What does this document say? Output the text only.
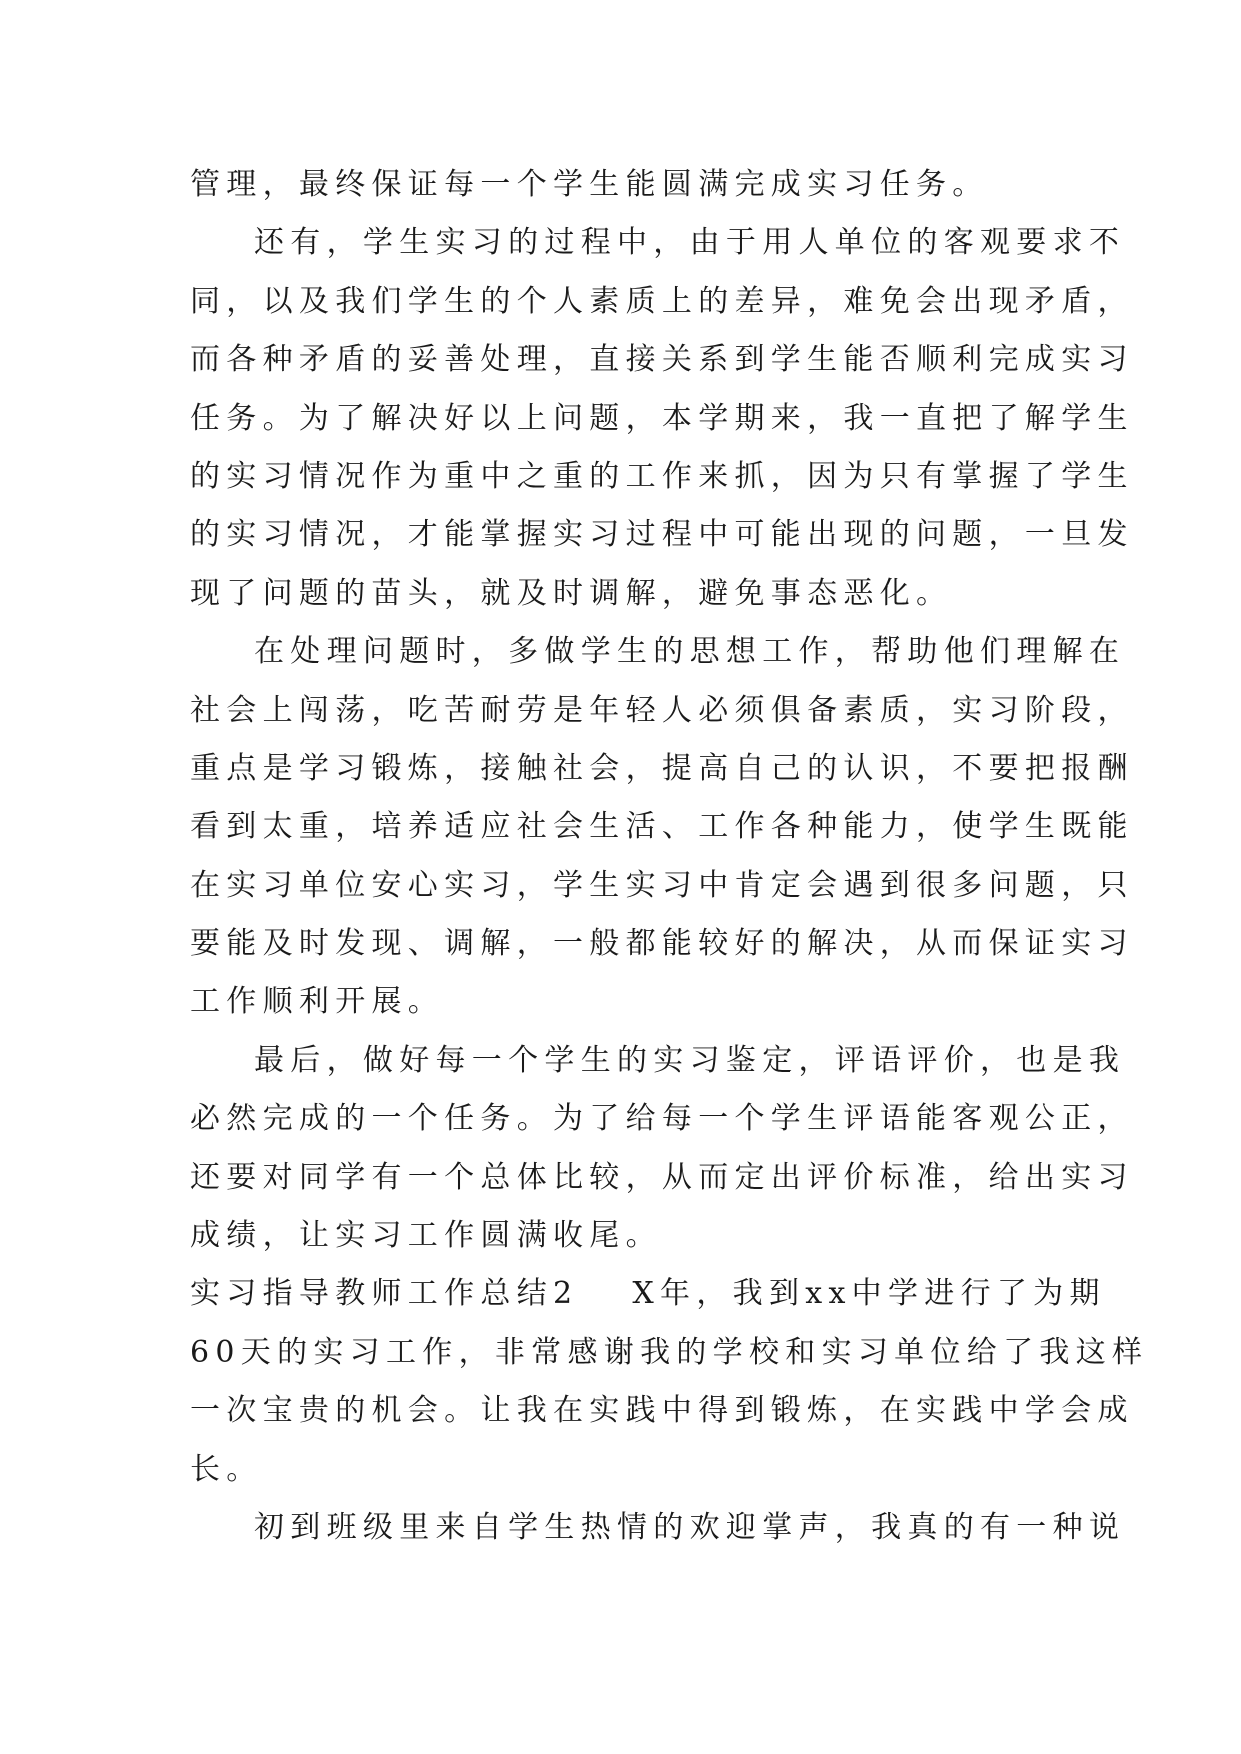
管理，最终保证每一个学生能圆满完成实习任务。
还有，学生实习的过程中，由于用人单位的客观要求不
同，以及我们学生的个人素质上的差异，难免会出现矛盾，
而各种矛盾的妥善处理，直接关系到学生能否顺利完成实习
任务。为了解决好以上问题，本学期来，我一直把了解学生
的实习情况作为重中之重的工作来抓，因为只有掌握了学生
的实习情况，才能掌握实习过程中可能出现的问题，一旦发
现了问题的苗头，就及时调解，避免事态恶化。
在处理问题时，多做学生的思想工作，帮助他们理解在
社会上闯荡，吃苦耐劳是年轻人必须俱备素质，实习阶段，
重点是学习锻炼，接触社会，提高自己的认识，不要把报酬
看到太重，培养适应社会生活、工作各种能力，使学生既能
在实习单位安心实习，学生实习中肯定会遇到很多问题，只
要能及时发现、调解，一般都能较好的解决，从而保证实习
工作顺利开展。
最后，做好每一个学生的实习鉴定，评语评价，也是我
必然完成的一个任务。为了给每一个学生评语能客观公正，
还要对同学有一个总体比较，从而定出评价标准，给出实习
成绩，让实习工作圆满收尾。
实习指导教师工作总结2 X年，我到xx中学进行了为期
60天的实习工作，非常感谢我的学校和实习单位给了我这样
一次宝贵的机会。让我在实践中得到锻炼，在实践中学会成
长。
初到班级里来自学生热情的欢迎掌声，我真的有一种说
